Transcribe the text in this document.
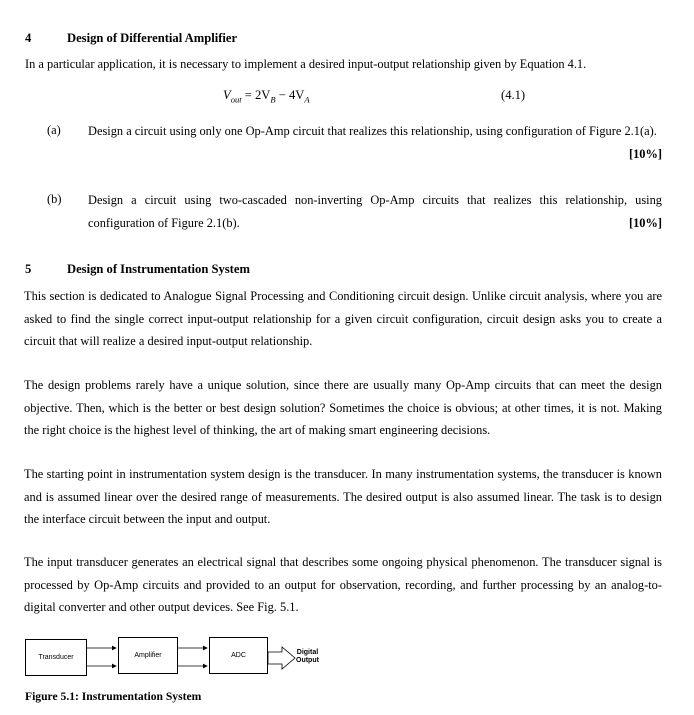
4	Design of Differential Amplifier
In a particular application, it is necessary to implement a desired input-output relationship given by Equation 4.1.
$V_{out} = 2V_B - 4V_A$	(4.1)
(a) Design a circuit using only one Op-Amp circuit that realizes this relationship, using configuration of Figure 2.1(a).
[10%]
(b) Design a circuit using two-cascaded non-inverting Op-Amp circuits that realizes this relationship, using configuration of Figure 2.1(b).	[10%]
5	Design of Instrumentation System
This section is dedicated to Analogue Signal Processing and Conditioning circuit design. Unlike circuit analysis, where you are asked to find the single correct input-output relationship for a given circuit configuration, circuit design asks you to create a circuit that will realize a desired input-output relationship.
The design problems rarely have a unique solution, since there are usually many Op-Amp circuits that can meet the design objective. Then, which is the better or best design solution? Sometimes the choice is obvious; at other times, it is not. Making the right choice is the highest level of thinking, the art of making smart engineering decisions.
The starting point in instrumentation system design is the transducer. In many instrumentation systems, the transducer is known and is assumed linear over the desired range of measurements. The desired output is also assumed linear. The task is to design the interface circuit between the input and output.
The input transducer generates an electrical signal that describes some ongoing physical phenomenon. The transducer signal is processed by Op-Amp circuits and provided to an output for observation, recording, and further processing by an analog-to-digital converter and other output devices. See Fig. 5.1.
Transducer	Amplifier	ADC	Digital
Output
Figure 5.1: Instrumentation System
